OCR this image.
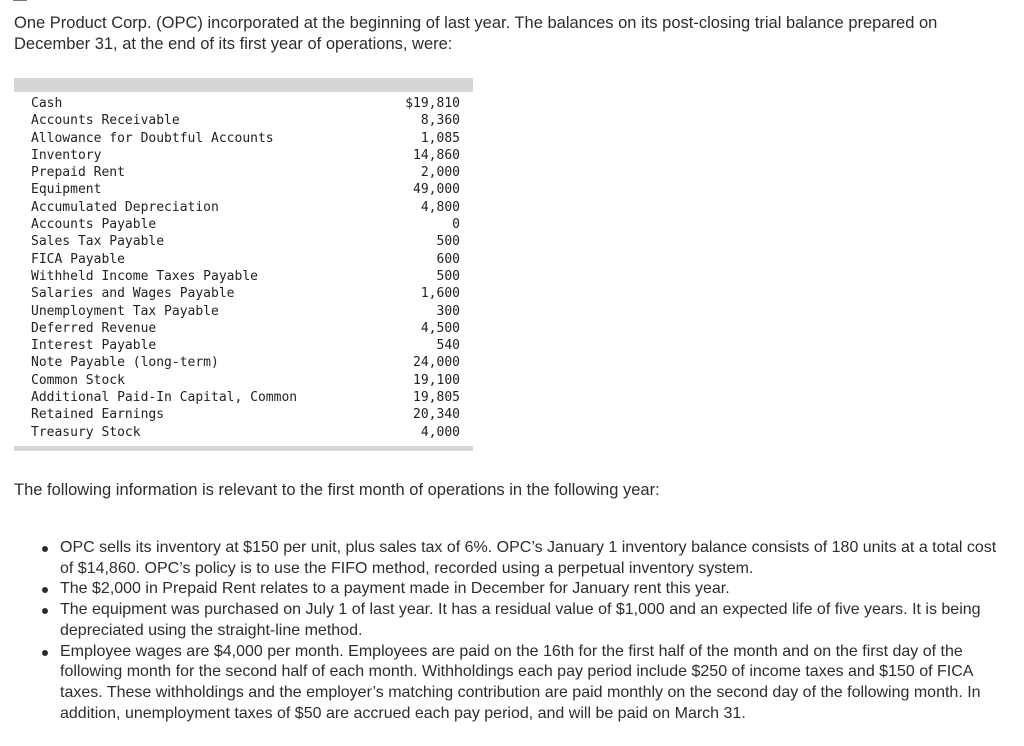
One Product Corp. (OPC) incorporated at the beginning of last year. The balances on its post-closing trial balance prepared on December 31, at the end of its first year of operations, were:

Cash	$19,810
Accounts Receivable	8,360
Allowance for Doubtful Accounts	1,085
Inventory	14,860
Prepaid Rent	2,000
Equipment	49,000
Accumulated Depreciation	4,800
Accounts Payable	0
Sales Tax Payable	500
FICA Payable	600
Withheld Income Taxes Payable	500
Salaries and Wages Payable	1,600
Unemployment Tax Payable	300
Deferred Revenue	4,500
Interest Payable	540
Note Payable (long-term)	24,000
Common Stock	19,100
Additional Paid-In Capital, Common	19,805
Retained Earnings	20,340
Treasury Stock	4,000

The following information is relevant to the first month of operations in the following year:

OPC sells its inventory at $150 per unit, plus sales tax of 6%. OPC’s January 1 inventory balance consists of 180 units at a total cost of $14,860. OPC’s policy is to use the FIFO method, recorded using a perpetual inventory system.
The $2,000 in Prepaid Rent relates to a payment made in December for January rent this year.
The equipment was purchased on July 1 of last year. It has a residual value of $1,000 and an expected life of five years. It is being depreciated using the straight-line method.
Employee wages are $4,000 per month. Employees are paid on the 16th for the first half of the month and on the first day of the following month for the second half of each month. Withholdings each pay period include $250 of income taxes and $150 of FICA taxes. These withholdings and the employer’s matching contribution are paid monthly on the second day of the following month. In addition, unemployment taxes of $50 are accrued each pay period, and will be paid on March 31.
